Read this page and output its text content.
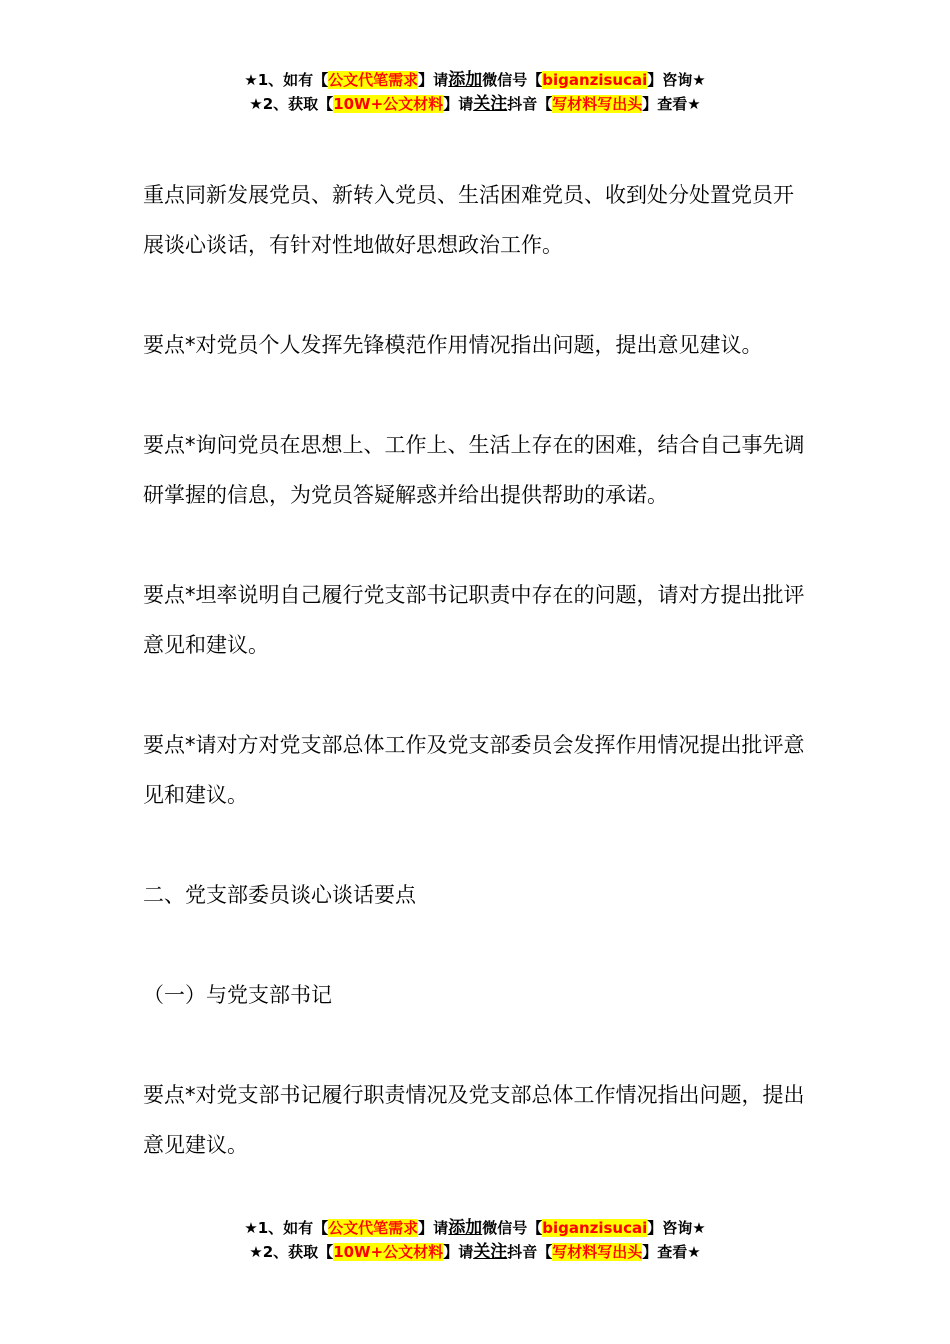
★1、如有【公文代笔需求】请添加微信号【biganzisucai】咨询★
★2、获取【10W+公文材料】请关注抖音【写材料写出头】查看★

重点同新发展党员、新转入党员、生活困难党员、收到处分处置党员开展谈心谈话，有针对性地做好思想政治工作。

要点*对党员个人发挥先锋模范作用情况指出问题，提出意见建议。

要点*询问党员在思想上、工作上、生活上存在的困难，结合自己事先调研掌握的信息，为党员答疑解惑并给出提供帮助的承诺。

要点*坦率说明自己履行党支部书记职责中存在的问题，请对方提出批评意见和建议。

要点*请对方对党支部总体工作及党支部委员会发挥作用情况提出批评意见和建议。

二、党支部委员谈心谈话要点

（一）与党支部书记

要点*对党支部书记履行职责情况及党支部总体工作情况指出问题，提出意见建议。

★1、如有【公文代笔需求】请添加微信号【biganzisucai】咨询★
★2、获取【10W+公文材料】请关注抖音【写材料写出头】查看★
